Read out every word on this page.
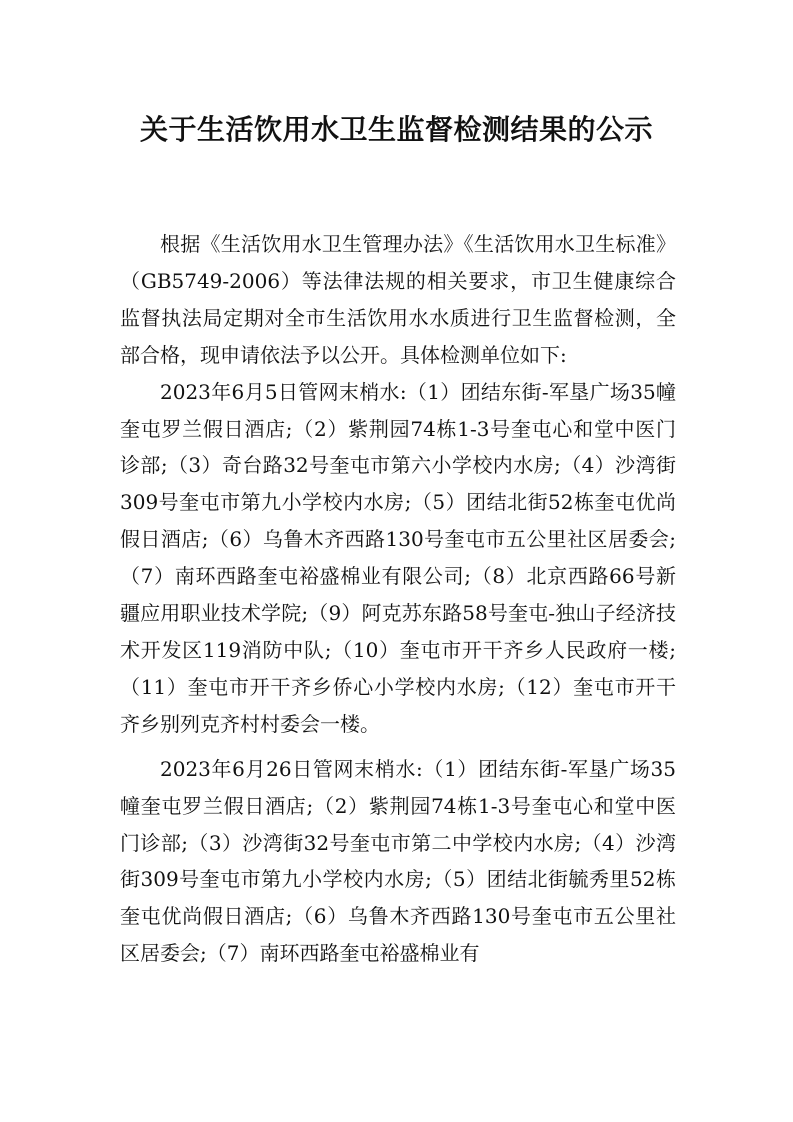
关于生活饮用水卫生监督检测结果的公示

根据《生活饮用水卫生管理办法》《生活饮用水卫生标准》（GB5749-2006）等法律法规的相关要求，市卫生健康综合监督执法局定期对全市生活饮用水水质进行卫生监督检测，全部合格，现申请依法予以公开。具体检测单位如下:

2023年6月5日管网末梢水:（1）团结东街-军垦广场35幢奎屯罗兰假日酒店;（2）紫荆园74栋1-3号奎屯心和堂中医门诊部;（3）奇台路32号奎屯市第六小学校内水房;（4）沙湾街309号奎屯市第九小学校内水房;（5）团结北街52栋奎屯优尚假日酒店;（6）乌鲁木齐西路130号奎屯市五公里社区居委会;（7）南环西路奎屯裕盛棉业有限公司;（8）北京西路66号新疆应用职业技术学院;（9）阿克苏东路58号奎屯-独山子经济技术开发区119消防中队;（10）奎屯市开干齐乡人民政府一楼;（11）奎屯市开干齐乡侨心小学校内水房;（12）奎屯市开干齐乡别列克齐村村委会一楼。

2023年6月26日管网末梢水:（1）团结东街-军垦广场35幢奎屯罗兰假日酒店;（2）紫荆园74栋1-3号奎屯心和堂中医门诊部;（3）沙湾街32号奎屯市第二中学校内水房;（4）沙湾街309号奎屯市第九小学校内水房;（5）团结北街毓秀里52栋奎屯优尚假日酒店;（6）乌鲁木齐西路130号奎屯市五公里社区居委会;（7）南环西路奎屯裕盛棉业有
